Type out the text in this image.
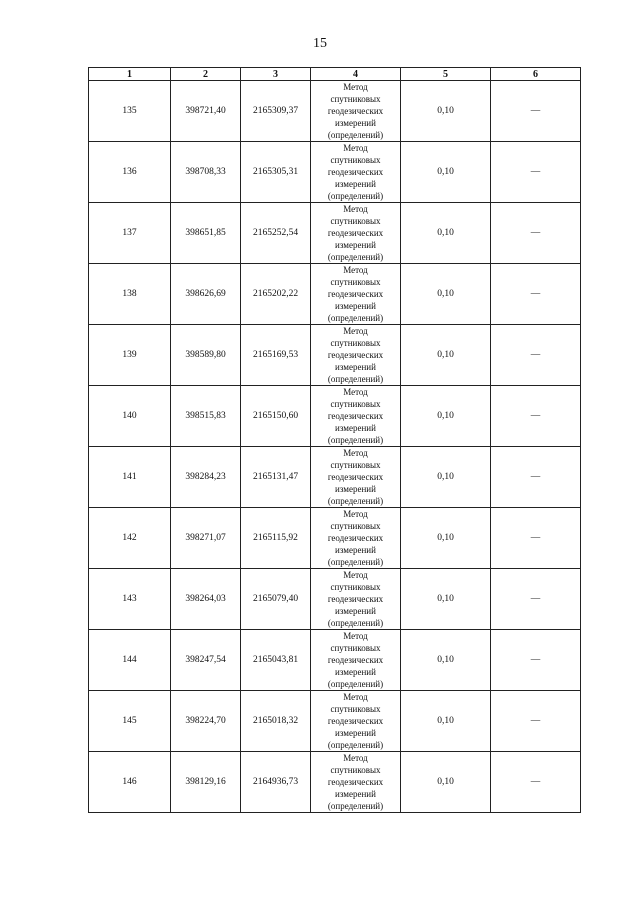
15
1	2	3	4	5	6
135	398721,40	2165309,37	Метод
спутниковых
геодезических
измерений
(определений)	0,10	—
136	398708,33	2165305,31	Метод
спутниковых
геодезических
измерений
(определений)	0,10	—
137	398651,85	2165252,54	Метод
спутниковых
геодезических
измерений
(определений)	0,10	—
138	398626,69	2165202,22	Метод
спутниковых
геодезических
измерений
(определений)	0,10	—
139	398589,80	2165169,53	Метод
спутниковых
геодезических
измерений
(определений)	0,10	—
140	398515,83	2165150,60	Метод
спутниковых
геодезических
измерений
(определений)	0,10	—
141	398284,23	2165131,47	Метод
спутниковых
геодезических
измерений
(определений)	0,10	—
142	398271,07	2165115,92	Метод
спутниковых
геодезических
измерений
(определений)	0,10	—
143	398264,03	2165079,40	Метод
спутниковых
геодезических
измерений
(определений)	0,10	—
144	398247,54	2165043,81	Метод
спутниковых
геодезических
измерений
(определений)	0,10	—
145	398224,70	2165018,32	Метод
спутниковых
геодезических
измерений
(определений)	0,10	—
146	398129,16	2164936,73	Метод
спутниковых
геодезических
измерений
(определений)	0,10	—
